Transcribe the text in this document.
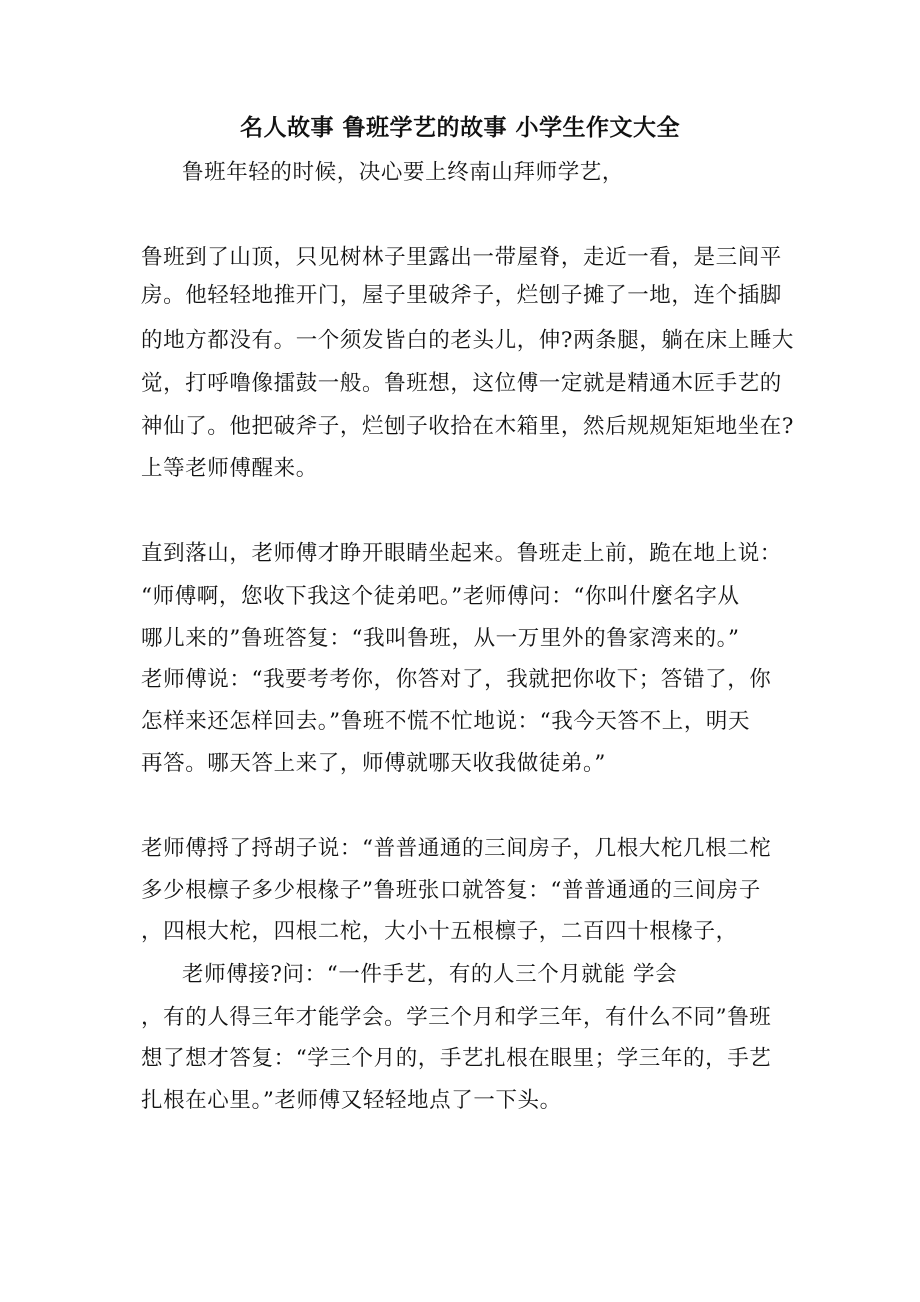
名人故事 鲁班学艺的故事 小学生作文大全
鲁班年轻的时候，决心要上终南山拜师学艺，
鲁班到了山顶，只见树林子里露出一带屋脊，走近一看，是三间平
房。他轻轻地推开门，屋子里破斧子，烂刨子摊了一地，连个插脚
的地方都没有。一个须发皆白的老头儿，伸?两条腿，躺在床上睡大
觉，打呼噜像擂鼓一般。鲁班想，这位傅一定就是精通木匠手艺的
神仙了。他把破斧子，烂刨子收拾在木箱里，然后规规矩矩地坐在?
上等老师傅醒来。
直到落山，老师傅才睁开眼睛坐起来。鲁班走上前，跪在地上说：
“师傅啊，您收下我这个徒弟吧。”老师傅问：“你叫什麼名字从
哪儿来的”鲁班答复：“我叫鲁班，从一万里外的鲁家湾来的。”
老师傅说：“我要考考你，你答对了，我就把你收下；答错了，你
怎样来还怎样回去。”鲁班不慌不忙地说：“我今天答不上，明天
再答。哪天答上来了，师傅就哪天收我做徒弟。”
老师傅捋了捋胡子说：“普普通通的三间房子，几根大柁几根二柁
多少根檩子多少根椽子”鲁班张口就答复：“普普通通的三间房子
，四根大柁，四根二柁，大小十五根檩子，二百四十根椽子，
老师傅接?问：“一件手艺，有的人三个月就能 学会
，有的人得三年才能学会。学三个月和学三年，有什么不同”鲁班
想了想才答复：“学三个月的，手艺扎根在眼里；学三年的，手艺
扎根在心里。”老师傅又轻轻地点了一下头。
